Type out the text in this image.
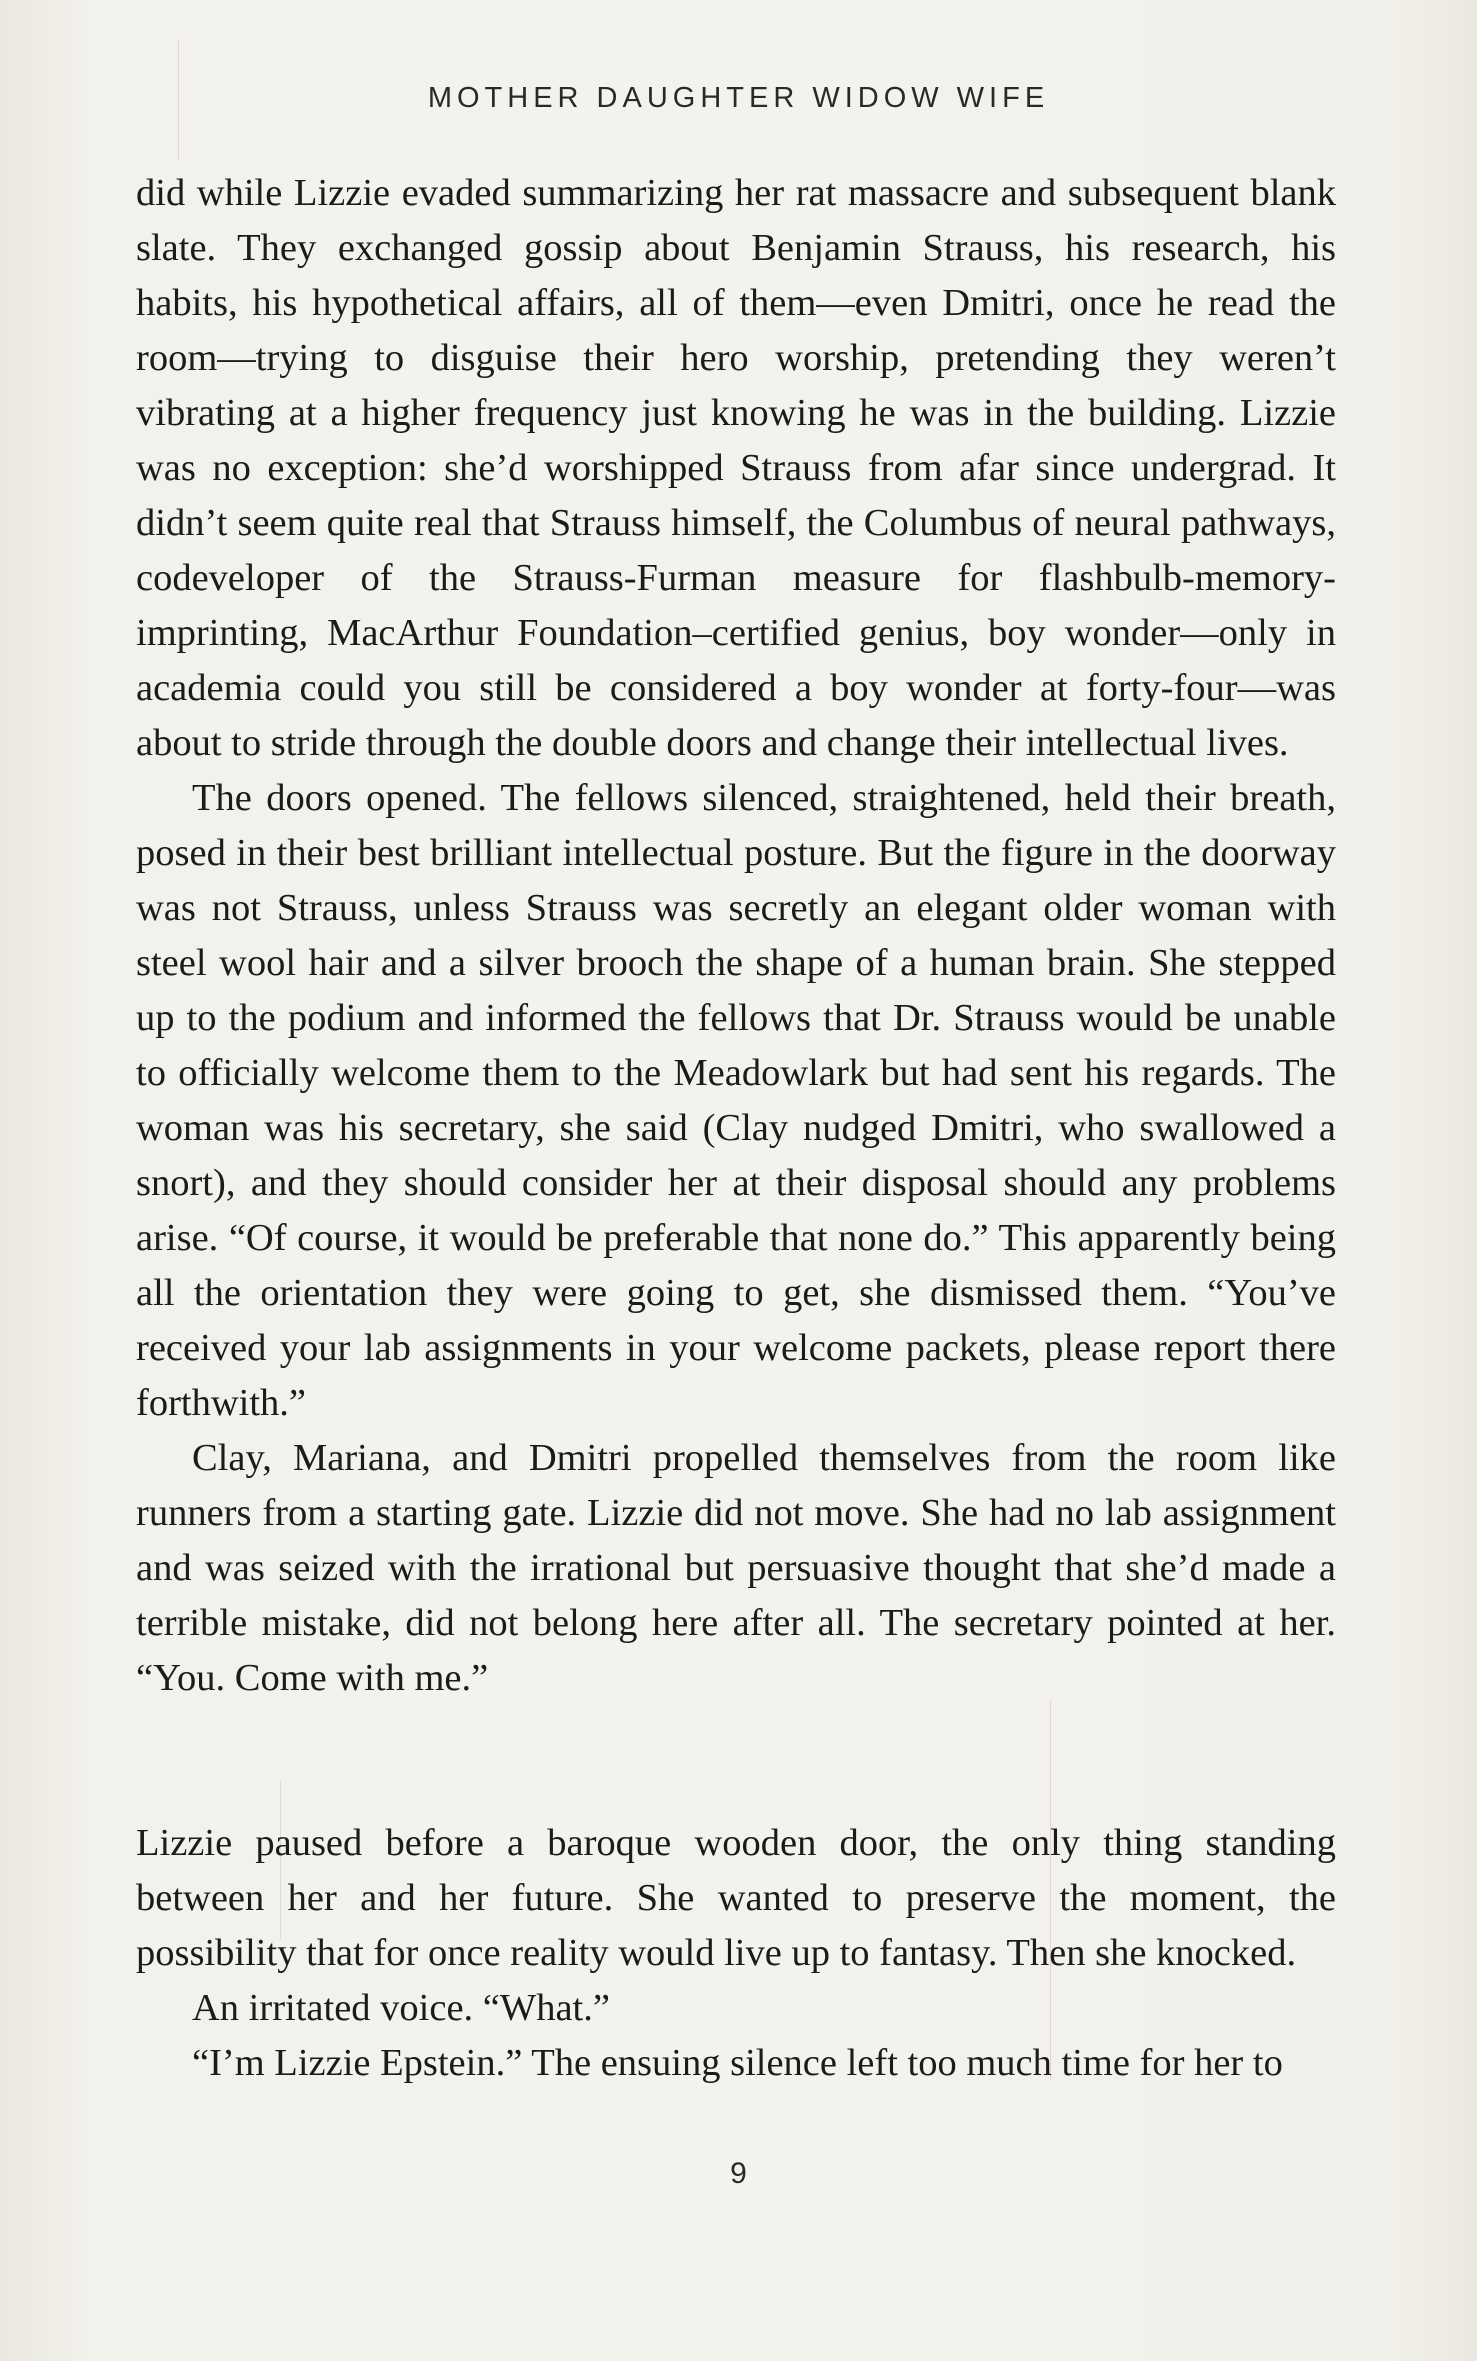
MOTHER DAUGHTER WIDOW WIFE

did while Lizzie evaded summarizing her rat massacre and subsequent blank slate. They exchanged gossip about Benjamin Strauss, his research, his habits, his hypothetical affairs, all of them—even Dmitri, once he read the room—trying to disguise their hero worship, pretending they weren’t vibrating at a higher frequency just knowing he was in the building. Lizzie was no exception: she’d worshipped Strauss from afar since undergrad. It didn’t seem quite real that Strauss himself, the Columbus of neural pathways, codeveloper of the Strauss-Furman measure for flashbulb-memory-imprinting, MacArthur Foundation–certified genius, boy wonder—only in academia could you still be considered a boy wonder at forty-four—was about to stride through the double doors and change their intellectual lives.

The doors opened. The fellows silenced, straightened, held their breath, posed in their best brilliant intellectual posture. But the figure in the doorway was not Strauss, unless Strauss was secretly an elegant older woman with steel wool hair and a silver brooch the shape of a human brain. She stepped up to the podium and informed the fellows that Dr. Strauss would be unable to officially welcome them to the Meadowlark but had sent his regards. The woman was his secretary, she said (Clay nudged Dmitri, who swallowed a snort), and they should consider her at their disposal should any problems arise. “Of course, it would be preferable that none do.” This apparently being all the orientation they were going to get, she dismissed them. “You’ve received your lab assignments in your welcome packets, please report there forthwith.”

Clay, Mariana, and Dmitri propelled themselves from the room like runners from a starting gate. Lizzie did not move. She had no lab assignment and was seized with the irrational but persuasive thought that she’d made a terrible mistake, did not belong here after all. The secretary pointed at her. “You. Come with me.”

Lizzie paused before a baroque wooden door, the only thing standing between her and her future. She wanted to preserve the moment, the possibility that for once reality would live up to fantasy. Then she knocked.

An irritated voice. “What.”

“I’m Lizzie Epstein.” The ensuing silence left too much time for her to

9
